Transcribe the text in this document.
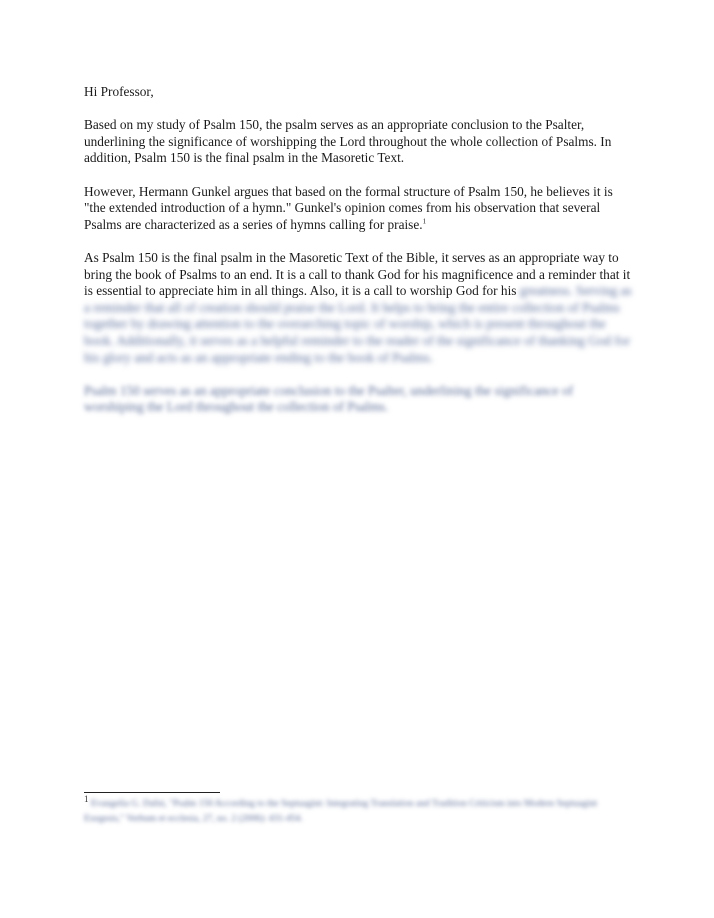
Hi Professor,

Based on my study of Psalm 150, the psalm serves as an appropriate conclusion to the Psalter, underlining the significance of worshipping the Lord throughout the whole collection of Psalms. In addition, Psalm 150 is the final psalm in the Masoretic Text.

However, Hermann Gunkel argues that based on the formal structure of Psalm 150, he believes it is "the extended introduction of a hymn." Gunkel's opinion comes from his observation that several Psalms are characterized as a series of hymns calling for praise.$^1$

As Psalm 150 is the final psalm in the Masoretic Text of the Bible, it serves as an appropriate way to bring the book of Psalms to an end. It is a call to thank God for his magnificence and a reminder that it is essential to appreciate him in all things. Also, it is a call to worship God for his greatness. Serving as a reminder that all of creation should praise the Lord. It helps to bring the entire collection of Psalms together by drawing attention to the overarching topic of worship, which is present throughout the book. Additionally, it serves as a helpful reminder to the reader of the significance of thanking God for his glory and acts as an appropriate ending to the book of Psalms.

Psalm 150 serves as an appropriate conclusion to the Psalter, underlining the significance of worshiping the Lord throughout the collection of Psalms.

1 Evangelia G. Dafni, "Psalm 150 According to the Septuagint: Integrating Translation and Tradition Criticism into Modern Septuagint Exegesis," Verbum et ecclesia, 27, no. 2 (2006): 431-454.
